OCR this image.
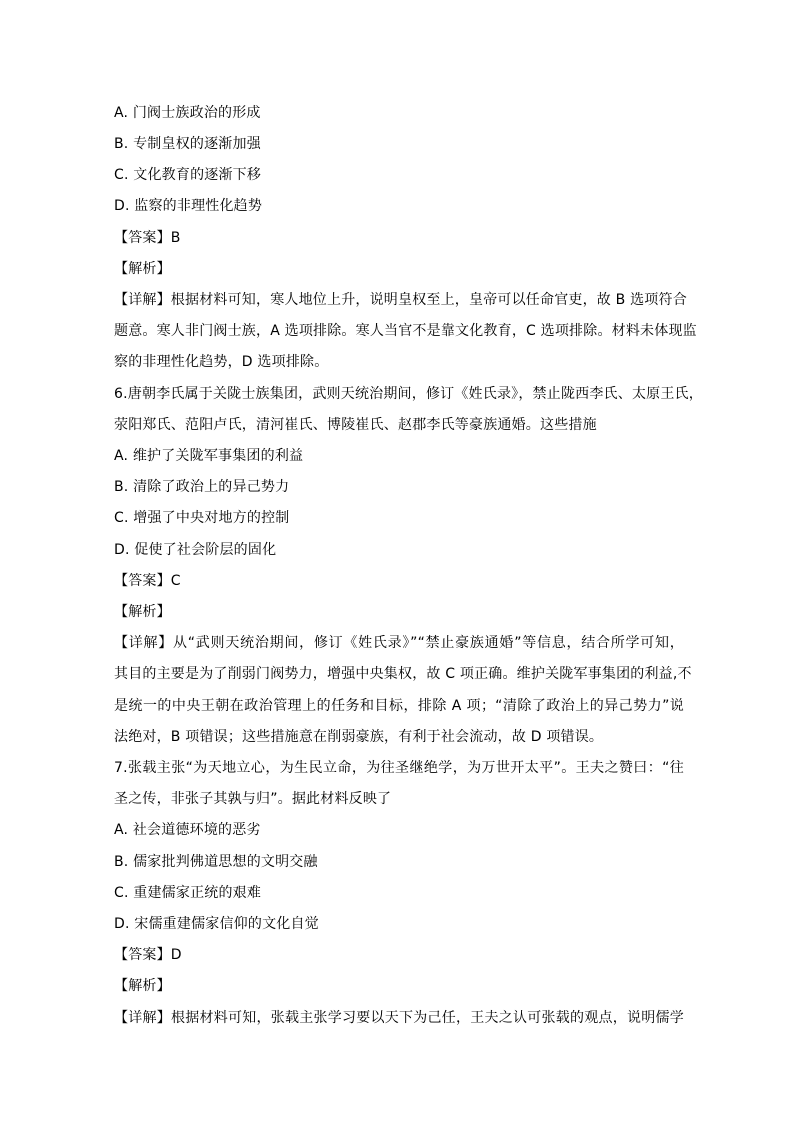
A. 门阀士族政治的形成
B. 专制皇权的逐渐加强
C. 文化教育的逐渐下移
D. 监察的非理性化趋势
【答案】B
【解析】
【详解】根据材料可知，寒人地位上升，说明皇权至上，皇帝可以任命官吏，故 B 选项符合
题意。寒人非门阀士族，A 选项排除。寒人当官不是靠文化教育，C 选项排除。材料未体现监
察的非理性化趋势，D 选项排除。
6.唐朝李氏属于关陇士族集团，武则天统治期间，修订《姓氏录》，禁止陇西李氏、太原王氏，
荥阳郑氏、范阳卢氏，清河崔氏、博陵崔氏、赵郡李氏等豪族通婚。这些措施
A. 维护了关陇军事集团的利益
B. 清除了政治上的异己势力
C. 增强了中央对地方的控制
D. 促使了社会阶层的固化
【答案】C
【解析】
【详解】从“武则天统治期间，修订《姓氏录》”“禁止豪族通婚”等信息，结合所学可知，
其目的主要是为了削弱门阀势力，增强中央集权，故 C 项正确。维护关陇军事集团的利益,不
是统一的中央王朝在政治管理上的任务和目标，排除 A 项；“清除了政治上的异己势力”说
法绝对，B 项错误；这些措施意在削弱豪族，有利于社会流动，故 D 项错误。
7.张载主张“为天地立心，为生民立命，为往圣继绝学，为万世开太平”。王夫之赞曰：“往
圣之传，非张子其孰与归”。据此材料反映了
A. 社会道德环境的恶劣
B. 儒家批判佛道思想的文明交融
C. 重建儒家正统的艰难
D. 宋儒重建儒家信仰的文化自觉
【答案】D
【解析】
【详解】根据材料可知，张载主张学习要以天下为己任，王夫之认可张载的观点，说明儒学
